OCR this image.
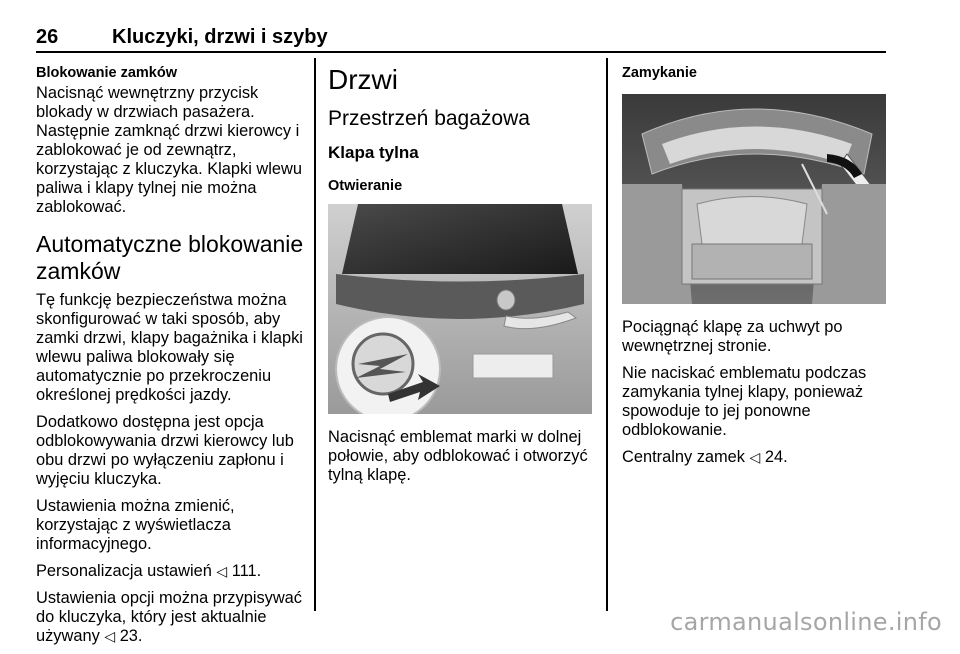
26	Kluczyki, drzwi i szyby
Blokowanie zamków

Nacisnąć wewnętrzny przycisk blokady w drzwiach pasażera. Następnie zamknąć drzwi kierowcy i zablokować je od zewnątrz, korzystając z kluczyka. Klapki wlewu paliwa i klapy tylnej nie można zablokować.

Automatyczne blokowanie zamków

Tę funkcję bezpieczeństwa można skonfigurować w taki sposób, aby zamki drzwi, klapy bagażnika i klapki wlewu paliwa blokowały się automatycznie po przekroczeniu określonej prędkości jazdy.

Dodatkowo dostępna jest opcja odblokowywania drzwi kierowcy lub obu drzwi po wyłączeniu zapłonu i wyjęciu kluczyka.

Ustawienia można zmienić, korzystając z wyświetlacza informacyjnego.

Personalizacja ustawień ◁ 111.

Ustawienia opcji można przypisywać do kluczyka, który jest aktualnie używany ◁ 23.

Drzwi
Przestrzeń bagażowa
Klapa tylna
Otwieranie

Nacisnąć emblemat marki w dolnej połowie, aby odblokować i otworzyć tylną klapę.

Zamykanie

Pociągnąć klapę za uchwyt po wewnętrznej stronie.

Nie naciskać emblematu podczas zamykania tylnej klapy, ponieważ spowoduje to jej ponowne odblokowanie.

Centralny zamek ◁ 24.

carmanualsonline.info
